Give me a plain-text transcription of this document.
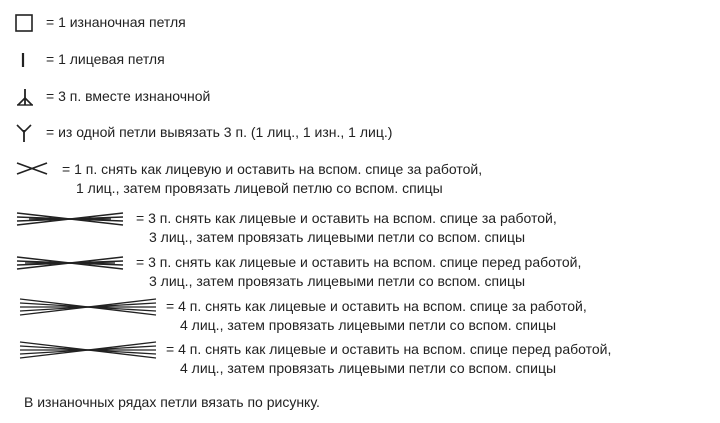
= 1 изнаночная петля
= 1 лицевая петля
= 3 п. вместе изнаночной
= из одной петли вывязать 3 п. (1 лиц., 1 изн., 1 лиц.)
= 1 п. снять как лицевую и оставить на вспом. спице за работой,
1 лиц., затем провязать лицевой петлю со вспом. спицы
= 3 п. снять как лицевые и оставить на вспом. спице за работой,
3 лиц., затем провязать лицевыми петли со вспом. спицы
= 3 п. снять как лицевые и оставить на вспом. спице перед работой,
3 лиц., затем провязать лицевыми петли со вспом. спицы
= 4 п. снять как лицевые и оставить на вспом. спице за работой,
4 лиц., затем провязать лицевыми петли со вспом. спицы
= 4 п. снять как лицевые и оставить на вспом. спице перед работой,
4 лиц., затем провязать лицевыми петли со вспом. спицы
В изнаночных рядах петли вязать по рисунку.
